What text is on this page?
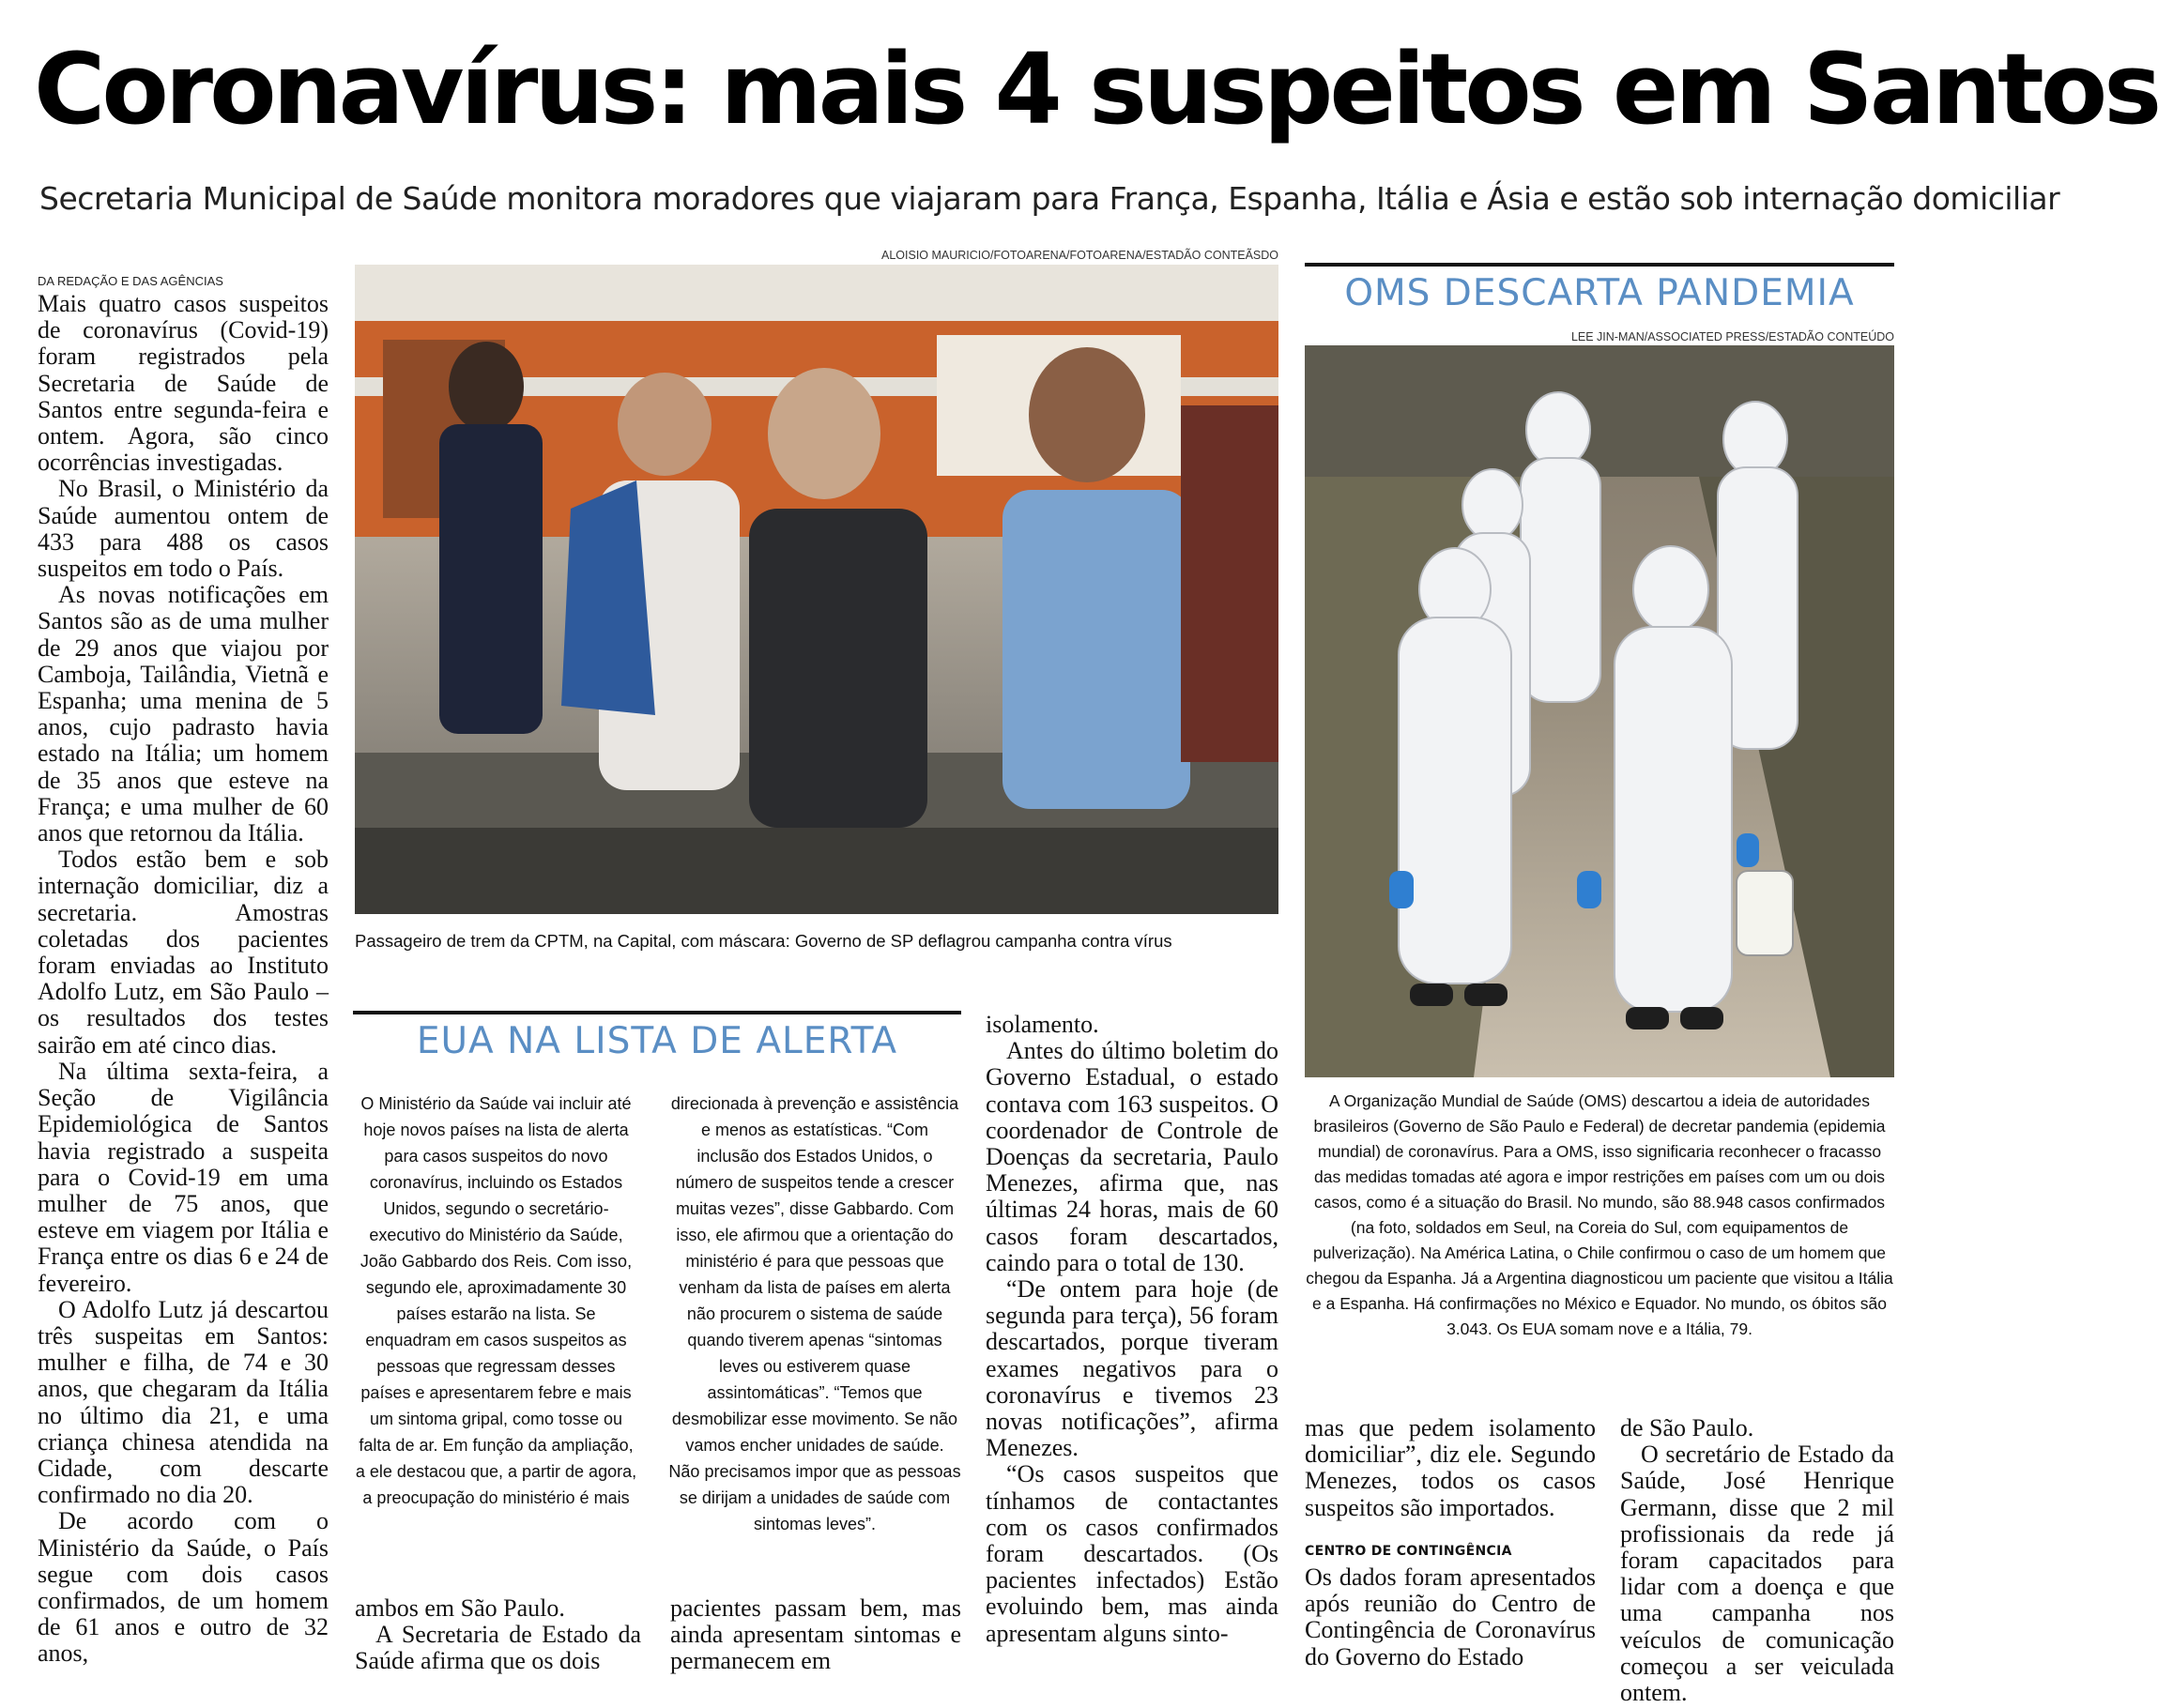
Coronavírus: mais 4 suspeitos em Santos
Secretaria Municipal de Saúde monitora moradores que viajaram para França, Espanha, Itália e Ásia e estão sob internação domiciliar
DA REDAÇÃO E DAS AGÊNCIAS

Mais quatro casos suspeitos de coronavírus (Covid-19) foram registrados pela Secretaria de Saúde de Santos entre segunda-feira e ontem. Agora, são cinco ocorrências investigadas.

No Brasil, o Ministério da Saúde aumentou ontem de 433 para 488 os casos suspeitos em todo o País.

As novas notificações em Santos são as de uma mulher de 29 anos que viajou por Camboja, Tailândia, Vietnã e Espanha; uma menina de 5 anos, cujo padrasto havia estado na Itália; um homem de 35 anos que esteve na França; e uma mulher de 60 anos que retornou da Itália.

Todos estão bem e sob internação domiciliar, diz a secretaria. Amostras coletadas dos pacientes foram enviadas ao Instituto Adolfo Lutz, em São Paulo – os resultados dos testes sairão em até cinco dias.

Na última sexta-feira, a Seção de Vigilância Epidemiológica de Santos havia registrado a suspeita para o Covid-19 em uma mulher de 75 anos, que esteve em viagem por Itália e França entre os dias 6 e 24 de fevereiro.

O Adolfo Lutz já descartou três suspeitas em Santos: mulher e filha, de 74 e 30 anos, que chegaram da Itália no último dia 21, e uma criança chinesa atendida na Cidade, com descarte confirmado no dia 20.

De acordo com o Ministério da Saúde, o País segue com dois casos confirmados, de um homem de 61 anos e outro de 32 anos,

ALOISIO MAURICIO/FOTOARENA/FOTOARENA/ESTADÃO CONTEÃSDO
Passageiro de trem da CPTM, na Capital, com máscara: Governo de SP deflagrou campanha contra vírus
EUA NA LISTA DE ALERTA
O Ministério da Saúde vai incluir até hoje novos países na lista de alerta para casos suspeitos do novo coronavírus, incluindo os Estados Unidos, segundo o secretário-executivo do Ministério da Saúde, João Gabbardo dos Reis. Com isso, segundo ele, aproximadamente 30 países estarão na lista. Se enquadram em casos suspeitos as pessoas que regressam desses países e apresentarem febre e mais um sintoma gripal, como tosse ou falta de ar. Em função da ampliação, a ele destacou que, a partir de agora, a preocupação do ministério é mais
direcionada à prevenção e assistência e menos as estatísticas. “Com inclusão dos Estados Unidos, o número de suspeitos tende a crescer muitas vezes”, disse Gabbardo. Com isso, ele afirmou que a orientação do ministério é para que pessoas que venham da lista de países em alerta não procurem o sistema de saúde quando tiverem apenas “sintomas leves ou estiverem quase assintomáticas”. “Temos que desmobilizar esse movimento. Se não vamos encher unidades de saúde. Não precisamos impor que as pessoas se dirijam a unidades de saúde com sintomas leves”.

ambos em São Paulo.

A Secretaria de Estado da Saúde afirma que os dois

pacientes passam bem, mas ainda apresentam sintomas e permanecem em

isolamento.

Antes do último boletim do Governo Estadual, o estado contava com 163 suspeitos. O coordenador de Controle de Doenças da secretaria, Paulo Menezes, afirma que, nas últimas 24 horas, mais de 60 casos foram descartados, caindo para o total de 130.

“De ontem para hoje (de segunda para terça), 56 foram descartados, porque tiveram exames negativos para o coronavírus e tivemos 23 novas notificações”, afirma Menezes.

“Os casos suspeitos que tínhamos de contactantes com os casos confirmados foram descartados. (Os pacientes infectados) Estão evoluindo bem, mas ainda apresentam alguns sinto-

OMS DESCARTA PANDEMIA
LEE JIN-MAN/ASSOCIATED PRESS/ESTADÃO CONTEÚDO
A Organização Mundial de Saúde (OMS) descartou a ideia de autoridades brasileiros (Governo de São Paulo e Federal) de decretar pandemia (epidemia mundial) de coronavírus. Para a OMS, isso significaria reconhecer o fracasso das medidas tomadas até agora e impor restrições em países com um ou dois casos, como é a situação do Brasil. No mundo, são 88.948 casos confirmados (na foto, soldados em Seul, na Coreia do Sul, com equipamentos de pulverização). Na América Latina, o Chile confirmou o caso de um homem que chegou da Espanha. Já a Argentina diagnosticou um paciente que visitou a Itália e a Espanha. Há confirmações no México e Equador. No mundo, os óbitos são 3.043. Os EUA somam nove e a Itália, 79.

mas que pedem isolamento domiciliar”, diz ele. Segundo Menezes, todos os casos suspeitos são importados.

CENTRO DE CONTINGÊNCIA

Os dados foram apresentados após reunião do Centro de Contingência de Coronavírus do Governo do Estado

de São Paulo.

O secretário de Estado da Saúde, José Henrique Germann, disse que 2 mil profissionais da rede já foram capacitados para lidar com a doença e que uma campanha nos veículos de comunicação começou a ser veiculada ontem.
